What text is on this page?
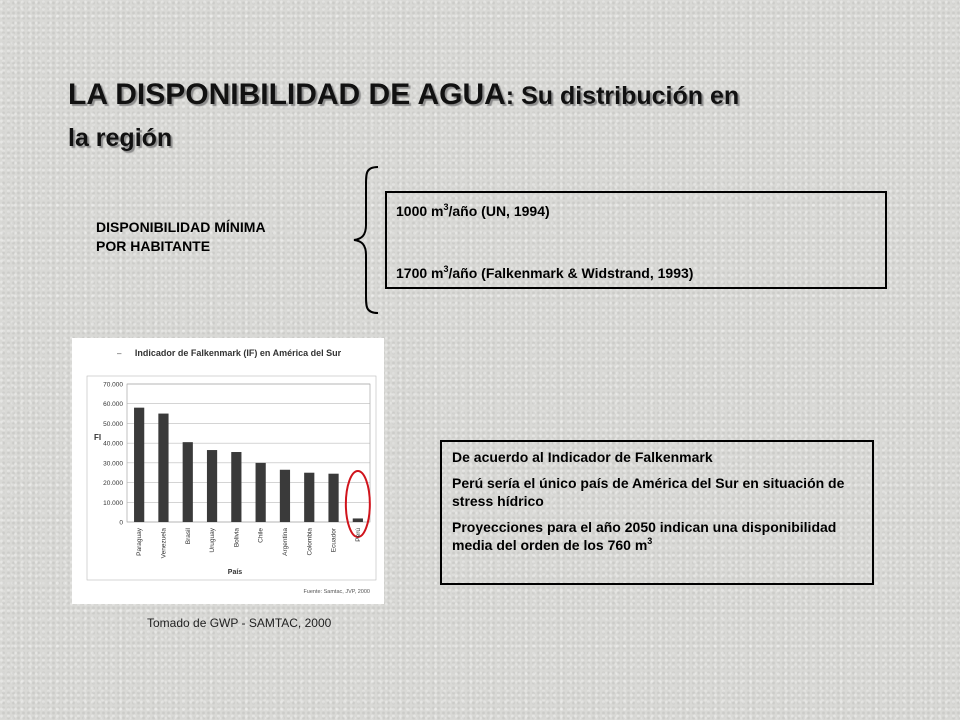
LA DISPONIBILIDAD DE AGUA: Su distribución en
la región
DISPONIBILIDAD MÍNIMA
POR HABITANTE
1000 $m^3$/año (UN, 1994)
1700 $m^3$/año (Falkenmark & Widstrand, 1993)
– Indicador de Falkenmark (IF) en América del Sur
FI
País
Fuente: Samtac, JVP, 2000
0
10.000
20.000
30.000
40.000
50.000
60.000
70.000
Paraguay	Venezuela	Brasil	Uruguay	Bolivia	Chile	Argentina	Colombia	Ecuador	Perú
Tomado de GWP - SAMTAC, 2000

De acuerdo al Indicador de Falkenmark

Perú sería el único país de América del Sur en situación de stress hídrico

Proyecciones para el año 2050 indican una disponibilidad media del orden de los 760 $m^3$
